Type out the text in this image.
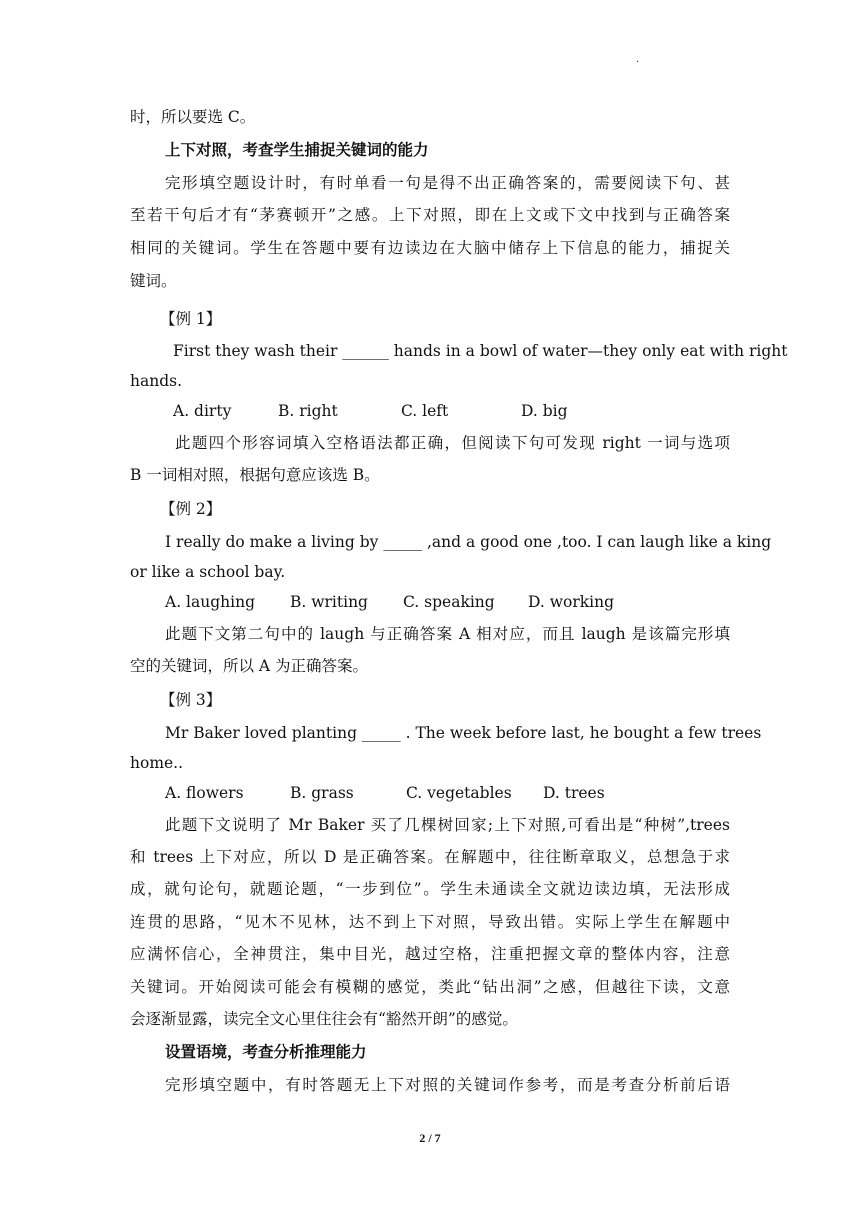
·
时，所以要选 C。
上下对照，考查学生捕捉关键词的能力
完形填空题设计时，有时单看一句是得不出正确答案的，需要阅读下句、甚
至若干句后才有“茅赛顿开”之感。上下对照，即在上文或下文中找到与正确答案
相同的关键词。学生在答题中要有边读边在大脑中储存上下信息的能力，捕捉关
键词。
【例 1】
First they wash their ______ hands in a bowl of water—they only eat with right
hands.
A. dirty	B. right	C. left	D. big
此题四个形容词填入空格语法都正确，但阅读下句可发现 right 一词与选项
B 一词相对照，根据句意应该选 B。
【例 2】
I really do make a living by _____ ,and a good one ,too. I can laugh like a king
or like a school bay.
A. laughing B. writing C. speaking D. working
此题下文第二句中的 laugh 与正确答案 A 相对应，而且 laugh 是该篇完形填
空的关键词，所以 A 为正确答案。
【例 3】
Mr Baker loved planting _____ . The week before last, he bought a few trees
home..
A. flowers	B. grass	C. vegetables D. trees
此题下文说明了 Mr Baker 买了几棵树回家;上下对照,可看出是“种树”,trees
和 trees 上下对应，所以 D 是正确答案。在解题中，往往断章取义，总想急于求
成，就句论句，就题论题，“一步到位”。学生未通读全文就边读边填，无法形成
连贯的思路，“见木不见林，达不到上下对照，导致出错。实际上学生在解题中
应满怀信心，全神贯注，集中目光，越过空格，注重把握文章的整体内容，注意
关键词。开始阅读可能会有模糊的感觉，类此“钻出洞”之感，但越往下读，文意
会逐渐显露，读完全文心里住往会有“豁然开朗”的感觉。
设置语境，考查分析推理能力
完形填空题中，有时答题无上下对照的关键词作参考，而是考查分析前后语
2 / 7
